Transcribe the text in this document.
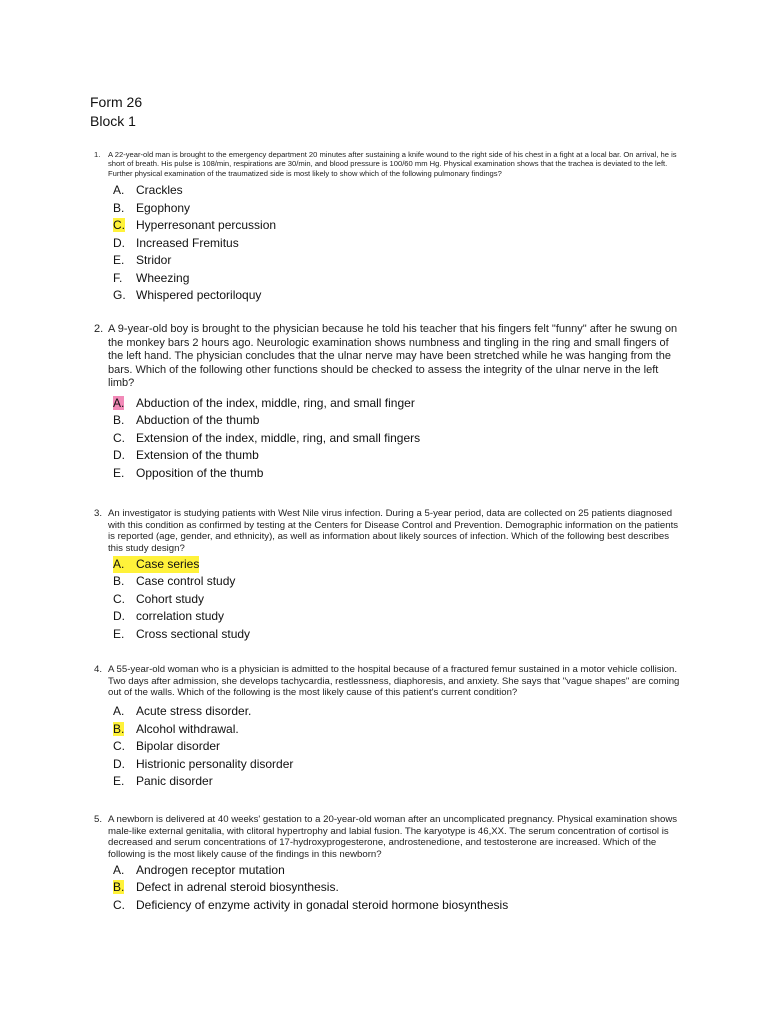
Form 26
Block 1
1.	A 22-year-old man is brought to the emergency department 20 minutes after sustaining a knife wound to the right side of his chest in a fight at a local bar. On arrival, he is short of breath. His pulse is 108/min, respirations are 30/min, and blood pressure is 100/60 mm Hg. Physical examination shows that the trachea is deviated to the left. Further physical examination of the traumatized side is most likely to show which of the following pulmonary findings?
A. Crackles
B. Egophony
C. Hyperresonant percussion
D. Increased Fremitus
E. Stridor
F.	Wheezing
G. Whispered pectoriloquy
2. A 9-year-old boy is brought to the physician because he told his teacher that his fingers felt "funny" after he swung on the monkey bars 2 hours ago. Neurologic examination shows numbness and tingling in the ring and small fingers of the left hand. The physician concludes that the ulnar nerve may have been stretched while he was hanging from the bars. Which of the following other functions should be checked to assess the integrity of the ulnar nerve in the left limb?
A. Abduction of the index, middle, ring, and small finger
B. Abduction of the thumb
C. Extension of the index, middle, ring, and small fingers
D. Extension of the thumb
E. Opposition of the thumb
3. An investigator is studying patients with West Nile virus infection. During a 5-year period, data are collected on 25 patients diagnosed with this condition as confirmed by testing at the Centers for Disease Control and Prevention. Demographic information on the patients is reported (age, gender, and ethnicity), as well as information about likely sources of infection. Which of the following best describes this study design?
A. Case series
B. Case control study
C. Cohort study
D. correlation study
E. Cross sectional study
4. A 55-year-old woman who is a physician is admitted to the hospital because of a fractured femur sustained in a motor vehicle collision. Two days after admission, she develops tachycardia, restlessness, diaphoresis, and anxiety. She says that "vague shapes" are coming out of the walls. Which of the following is the most likely cause of this patient's current condition?
A. Acute stress disorder.
B. Alcohol withdrawal.
C. Bipolar disorder
D. Histrionic personality disorder
E. Panic disorder
5. A newborn is delivered at 40 weeks' gestation to a 20-year-old woman after an uncomplicated pregnancy. Physical examination shows male-like external genitalia, with clitoral hypertrophy and labial fusion. The karyotype is 46,XX. The serum concentration of cortisol is decreased and serum concentrations of 17-hydroxyprogesterone, androstenedione, and testosterone are increased. Which of the following is the most likely cause of the findings in this newborn?
A. Androgen receptor mutation
B. Defect in adrenal steroid biosynthesis.
C. Deficiency of enzyme activity in gonadal steroid hormone biosynthesis
